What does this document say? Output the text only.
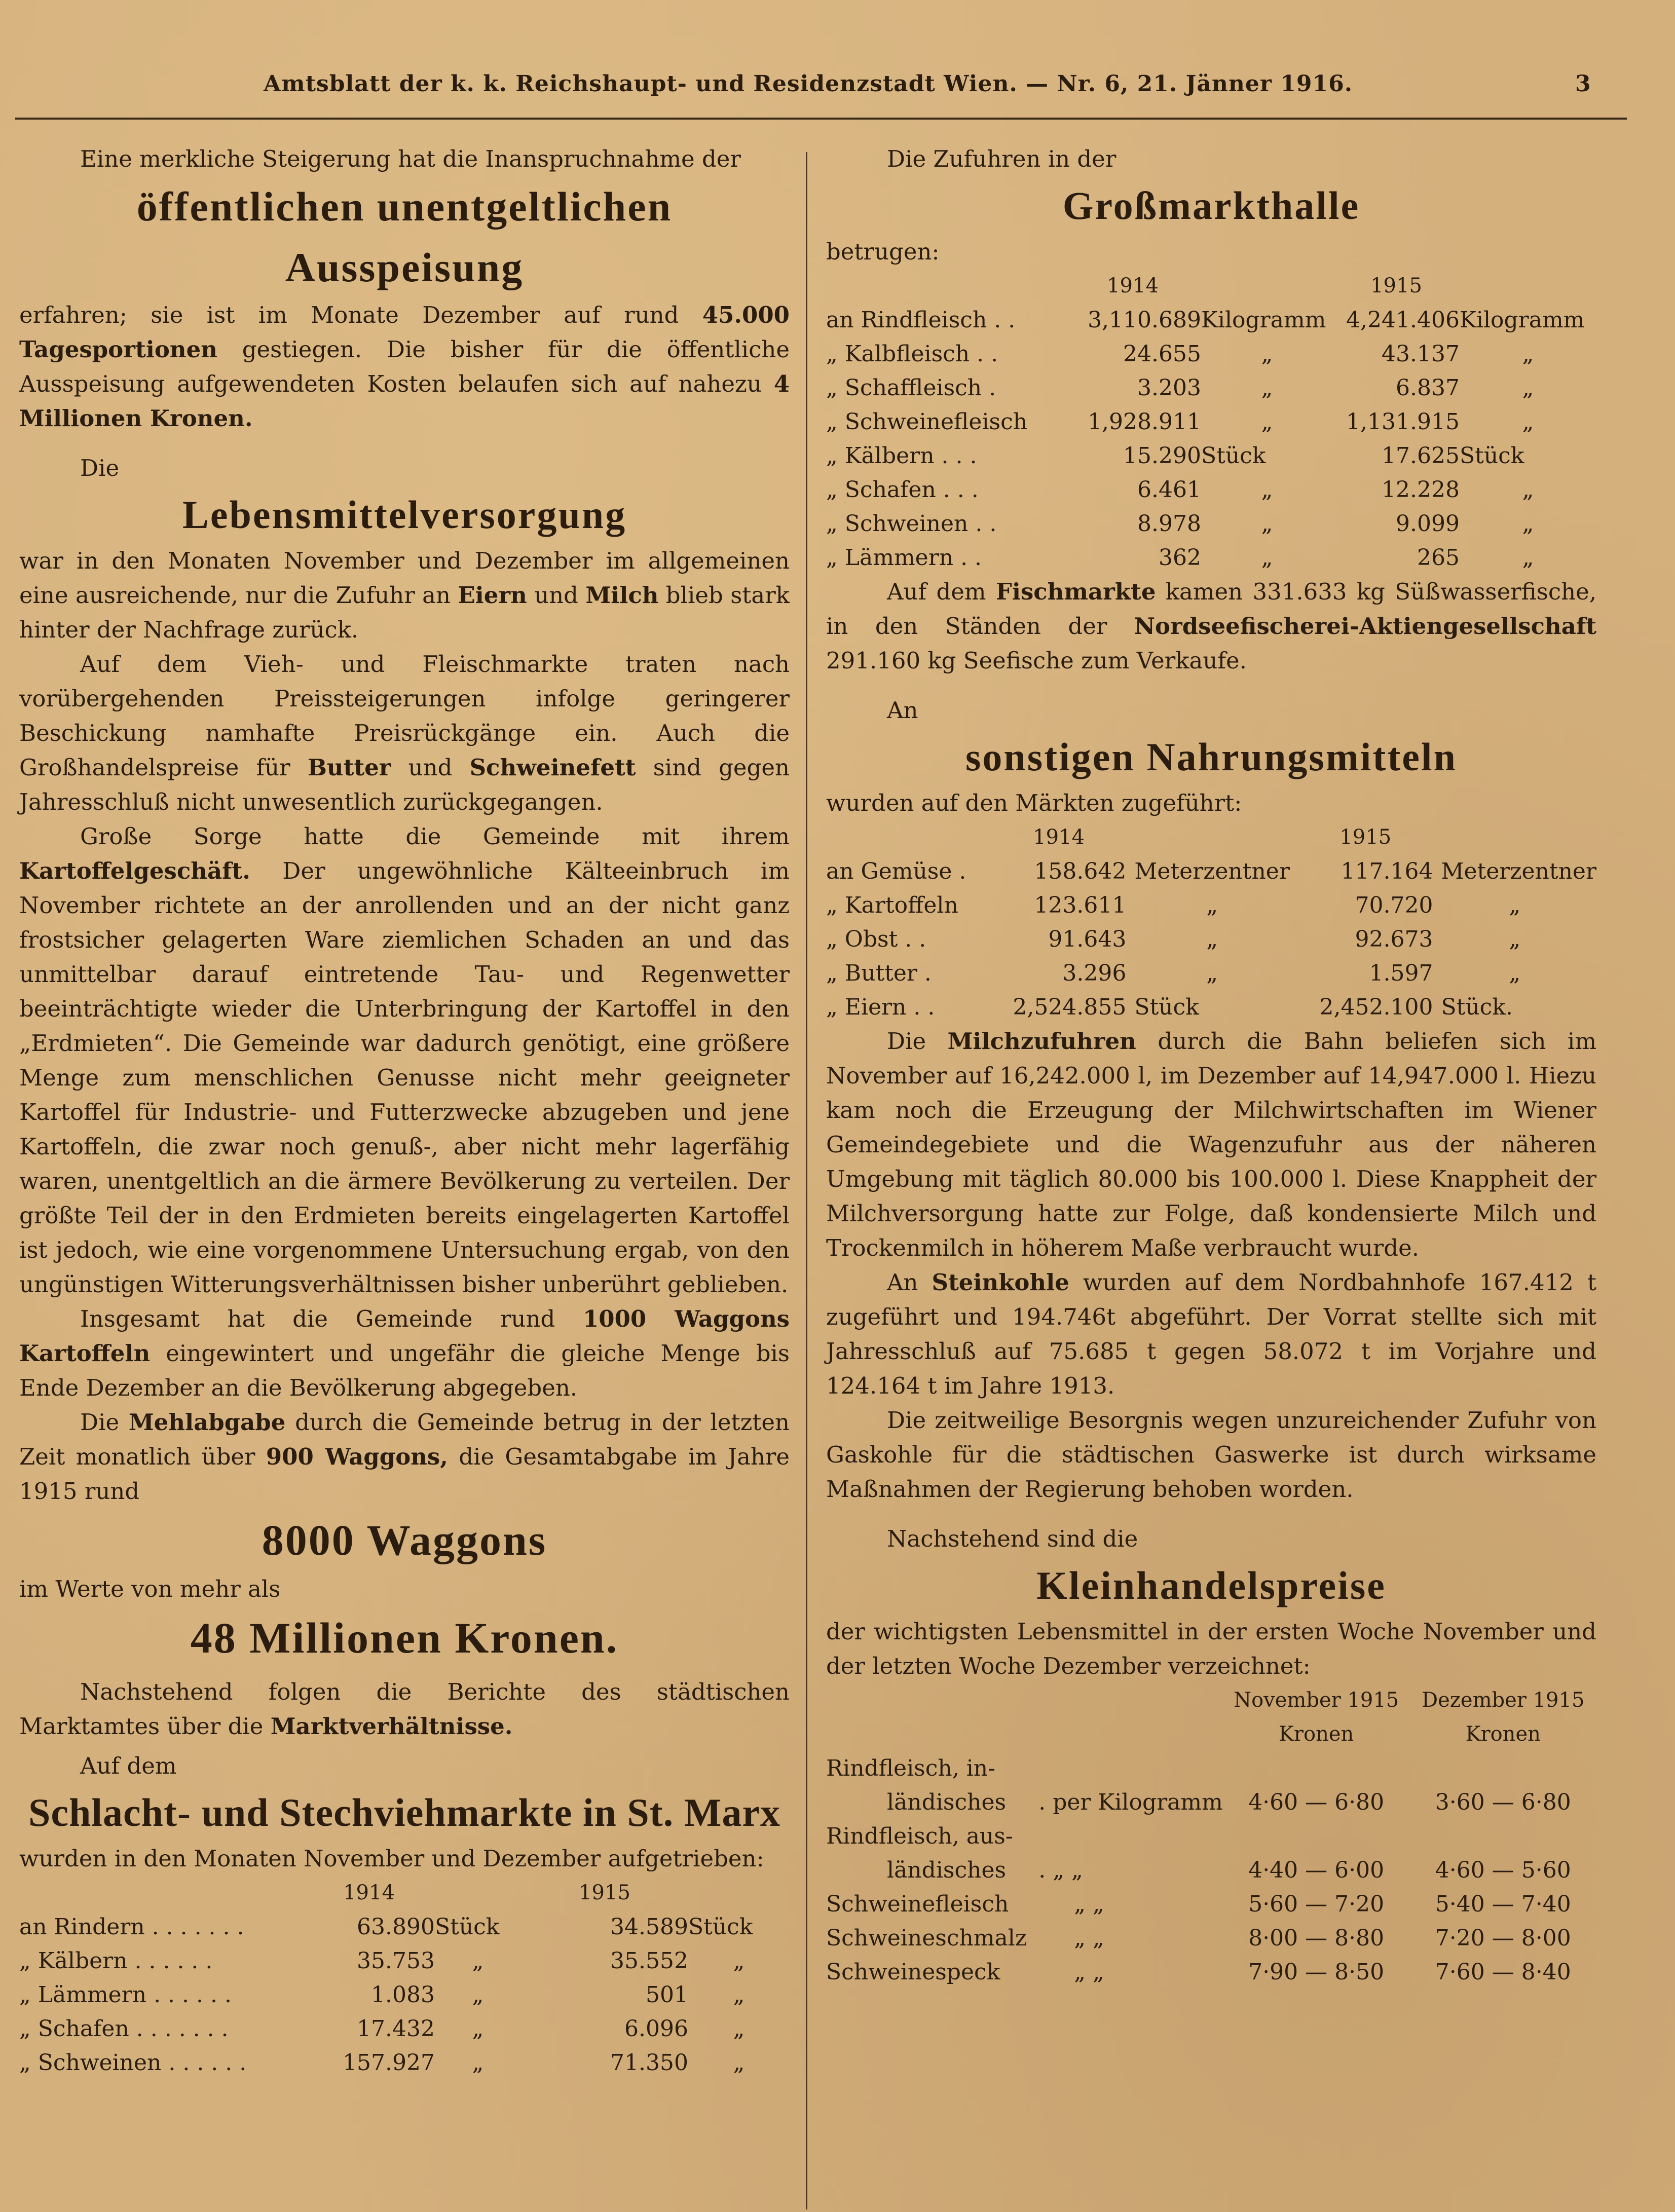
Amtsblatt der k. k. Reichshaupt- und Residenzstadt Wien. — Nr. 6, 21. Jänner 1916.	3
Eine merkliche Steigerung hat die Inanspruchnahme der
öffentlichen unentgeltlichen Ausspeisung

erfahren; sie ist im Monate Dezember auf rund 45.000 Tagesportionen gestiegen. Die bisher für die öffentliche Ausspeisung aufgewendeten Kosten belaufen sich auf nahezu 4 Millionen Kronen.

Die
Lebensmittelversorgung

war in den Monaten November und Dezember im allgemeinen eine ausreichende, nur die Zufuhr an Eiern und Milch blieb stark hinter der Nachfrage zurück.

Auf dem Vieh- und Fleischmarkte traten nach vorübergehenden Preissteigerungen infolge geringerer Beschickung namhafte Preisrückgänge ein. Auch die Großhandelspreise für Butter und Schweinefett sind gegen Jahresschluß nicht unwesentlich zurückgegangen.

Große Sorge hatte die Gemeinde mit ihrem Kartoffelgeschäft. Der ungewöhnliche Kälteeinbruch im November richtete an der anrollenden und an der nicht ganz frostsicher gelagerten Ware ziemlichen Schaden an und das unmittelbar darauf eintretende Tau- und Regenwetter beeinträchtigte wieder die Unterbringung der Kartoffel in den „Erdmieten“. Die Gemeinde war dadurch genötigt, eine größere Menge zum menschlichen Genusse nicht mehr geeigneter Kartoffel für Industrie- und Futterzwecke abzugeben und jene Kartoffeln, die zwar noch genuß-, aber nicht mehr lagerfähig waren, unentgeltlich an die ärmere Bevölkerung zu verteilen. Der größte Teil der in den Erdmieten bereits eingelagerten Kartoffel ist jedoch, wie eine vorgenommene Untersuchung ergab, von den ungünstigen Witterungsverhältnissen bisher unberührt geblieben.

Insgesamt hat die Gemeinde rund 1000 Waggons Kartoffeln eingewintert und ungefähr die gleiche Menge bis Ende Dezember an die Bevölkerung abgegeben.

Die Mehlabgabe durch die Gemeinde betrug in der letzten Zeit monatlich über 900 Waggons, die Gesamtabgabe im Jahre 1915 rund

8000 Waggons

im Werte von mehr als

48 Millionen Kronen.

Nachstehend folgen die Berichte des städtischen Marktamtes über die Marktverhältnisse.

Auf dem
Schlacht- und Stechviehmarkte in St. Marx

wurden in den Monaten November und Dezember aufgetrieben:

	1914		1915	
an Rindern . . . . . . .	63.890	Stück	34.589	Stück
„ Kälbern . . . . . .	35.753	„	35.552	„
„ Lämmern . . . . . .	1.083	„	501	„
„ Schafen . . . . . . .	17.432	„	6.096	„
„ Schweinen . . . . . .	157.927	„	71.350	„
Die Zufuhren in der
Großmarkthalle

betrugen:

	1914		1915	
an Rindfleisch . .	3,110.689	Kilogramm	4,241.406	Kilogramm
„ Kalbfleisch . .	24.655	„	43.137	„
„ Schaffleisch .	3.203	„	6.837	„
„ Schweinefleisch	1,928.911	„	1,131.915	„
„ Kälbern . . .	15.290	Stück	17.625	Stück
„ Schafen . . .	6.461	„	12.228	„
„ Schweinen . .	8.978	„	9.099	„
„ Lämmern . .	362	„	265	„

Auf dem Fischmarkte kamen 331.633 kg Süßwasserfische, in den Ständen der Nordseefischerei-Aktiengesellschaft 291.160 kg Seefische zum Verkaufe.

An
sonstigen Nahrungsmitteln

wurden auf den Märkten zugeführt:

	1914		1915	
an Gemüse .	158.642	Meterzentner	117.164	Meterzentner
„ Kartoffeln	123.611	„	70.720	„
„ Obst . .	91.643	„	92.673	„
„ Butter .	3.296	„	1.597	„
„ Eiern . .	2,524.855	Stück	2,452.100	Stück.

Die Milchzufuhren durch die Bahn beliefen sich im November auf 16,242.000 l, im Dezember auf 14,947.000 l. Hiezu kam noch die Erzeugung der Milchwirtschaften im Wiener Gemeindegebiete und die Wagenzufuhr aus der näheren Umgebung mit täglich 80.000 bis 100.000 l. Diese Knappheit der Milchversorgung hatte zur Folge, daß kondensierte Milch und Trockenmilch in höherem Maße verbraucht wurde.

An Steinkohle wurden auf dem Nordbahnhofe 167.412 t zugeführt und 194.746t abgeführt. Der Vorrat stellte sich mit Jahresschluß auf 75.685 t gegen 58.072 t im Vorjahre und 124.164 t im Jahre 1913.

Die zeitweilige Besorgnis wegen unzureichender Zufuhr von Gaskohle für die städtischen Gaswerke ist durch wirksame Maßnahmen der Regierung behoben worden.

Nachstehend sind die
Kleinhandelspreise

der wichtigsten Lebensmittel in der ersten Woche November und der letzten Woche Dezember verzeichnet:

		November 1915	Dezember 1915
		Kronen	Kronen
Rindfleisch, in-			
ländisches	. per Kilogramm	4·60 — 6·80	3·60 — 6·80
Rindfleisch, aus-			
ländisches	. „ „	4·40 — 6·00	4·60 — 5·60
Schweinefleisch	„ „	5·60 — 7·20	5·40 — 7·40
Schweineschmalz	„ „	8·00 — 8·80	7·20 — 8·00
Schweinespeck	„ „	7·90 — 8·50	7·60 — 8·40
